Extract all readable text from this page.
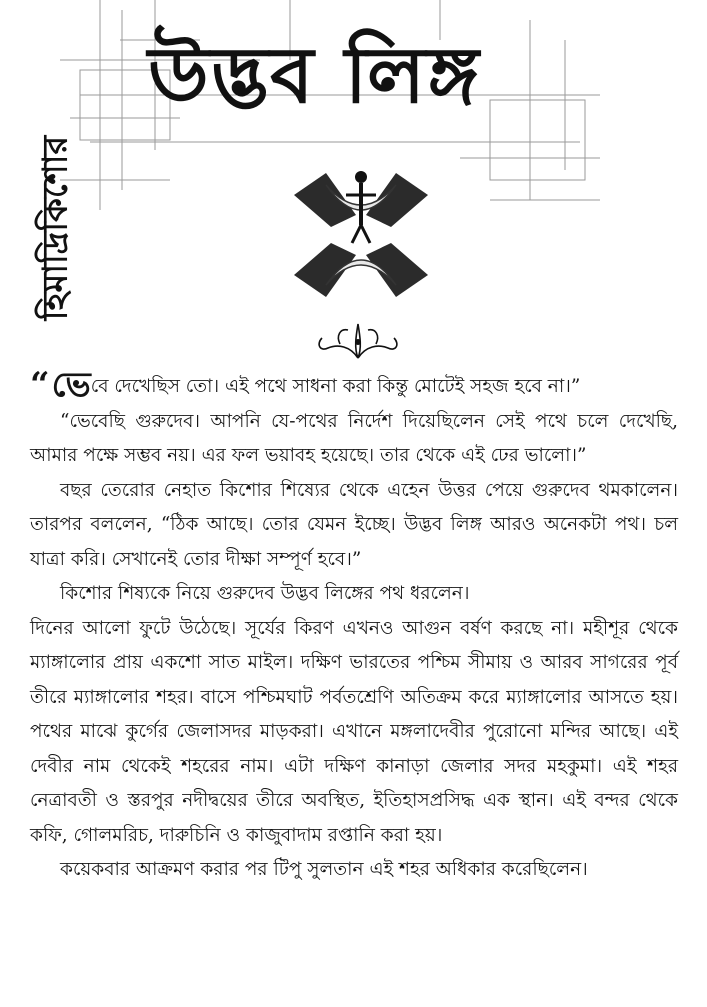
উদ্ভব লিঙ্গ
হিমাদ্রিকিশোর

“ভেবে দেখেছিস তো। এই পথে সাধনা করা কিন্তু মোটেই সহজ হবে না।”

“ভেবেছি গুরুদেব। আপনি যে-পথের নির্দেশ দিয়েছিলেন সেই পথে চলে দেখেছি, আমার পক্ষে সম্ভব নয়। এর ফল ভয়াবহ হয়েছে। তার থেকে এই ঢের ভালো।”

বছর তেরোর নেহাত কিশোর শিষ্যের থেকে এহেন উত্তর পেয়ে গুরুদেব থমকালেন। তারপর বললেন, “ঠিক আছে। তোর যেমন ইচ্ছে। উদ্ভব লিঙ্গ আরও অনেকটা পথ। চল যাত্রা করি। সেখানেই তোর দীক্ষা সম্পূর্ণ হবে।”

কিশোর শিষ্যকে নিয়ে গুরুদেব উদ্ভব লিঙ্গের পথ ধরলেন।

দিনের আলো ফুটে উঠেছে। সূর্যের কিরণ এখনও আগুন বর্ষণ করছে না। মহীশূর থেকে ম্যাঙ্গালোর প্রায় একশো সাত মাইল। দক্ষিণ ভারতের পশ্চিম সীমায় ও আরব সাগরের পূর্ব তীরে ম্যাঙ্গালোর শহর। বাসে পশ্চিমঘাট পর্বতশ্রেণি অতিক্রম করে ম্যাঙ্গালোর আসতে হয়। পথের মাঝে কুর্গের জেলাসদর মাড়করা। এখানে মঙ্গলাদেবীর পুরোনো মন্দির আছে। এই দেবীর নাম থেকেই শহরের নাম। এটা দক্ষিণ কানাড়া জেলার সদর মহকুমা। এই শহর নেত্রাবতী ও স্তরপুর নদীদ্বয়ের তীরে অবস্থিত, ইতিহাসপ্রসিদ্ধ এক স্থান। এই বন্দর থেকে কফি, গোলমরিচ, দারুচিনি ও কাজুবাদাম রপ্তানি করা হয়।

কয়েকবার আক্রমণ করার পর টিপু সুলতান এই শহর অধিকার করেছিলেন।
